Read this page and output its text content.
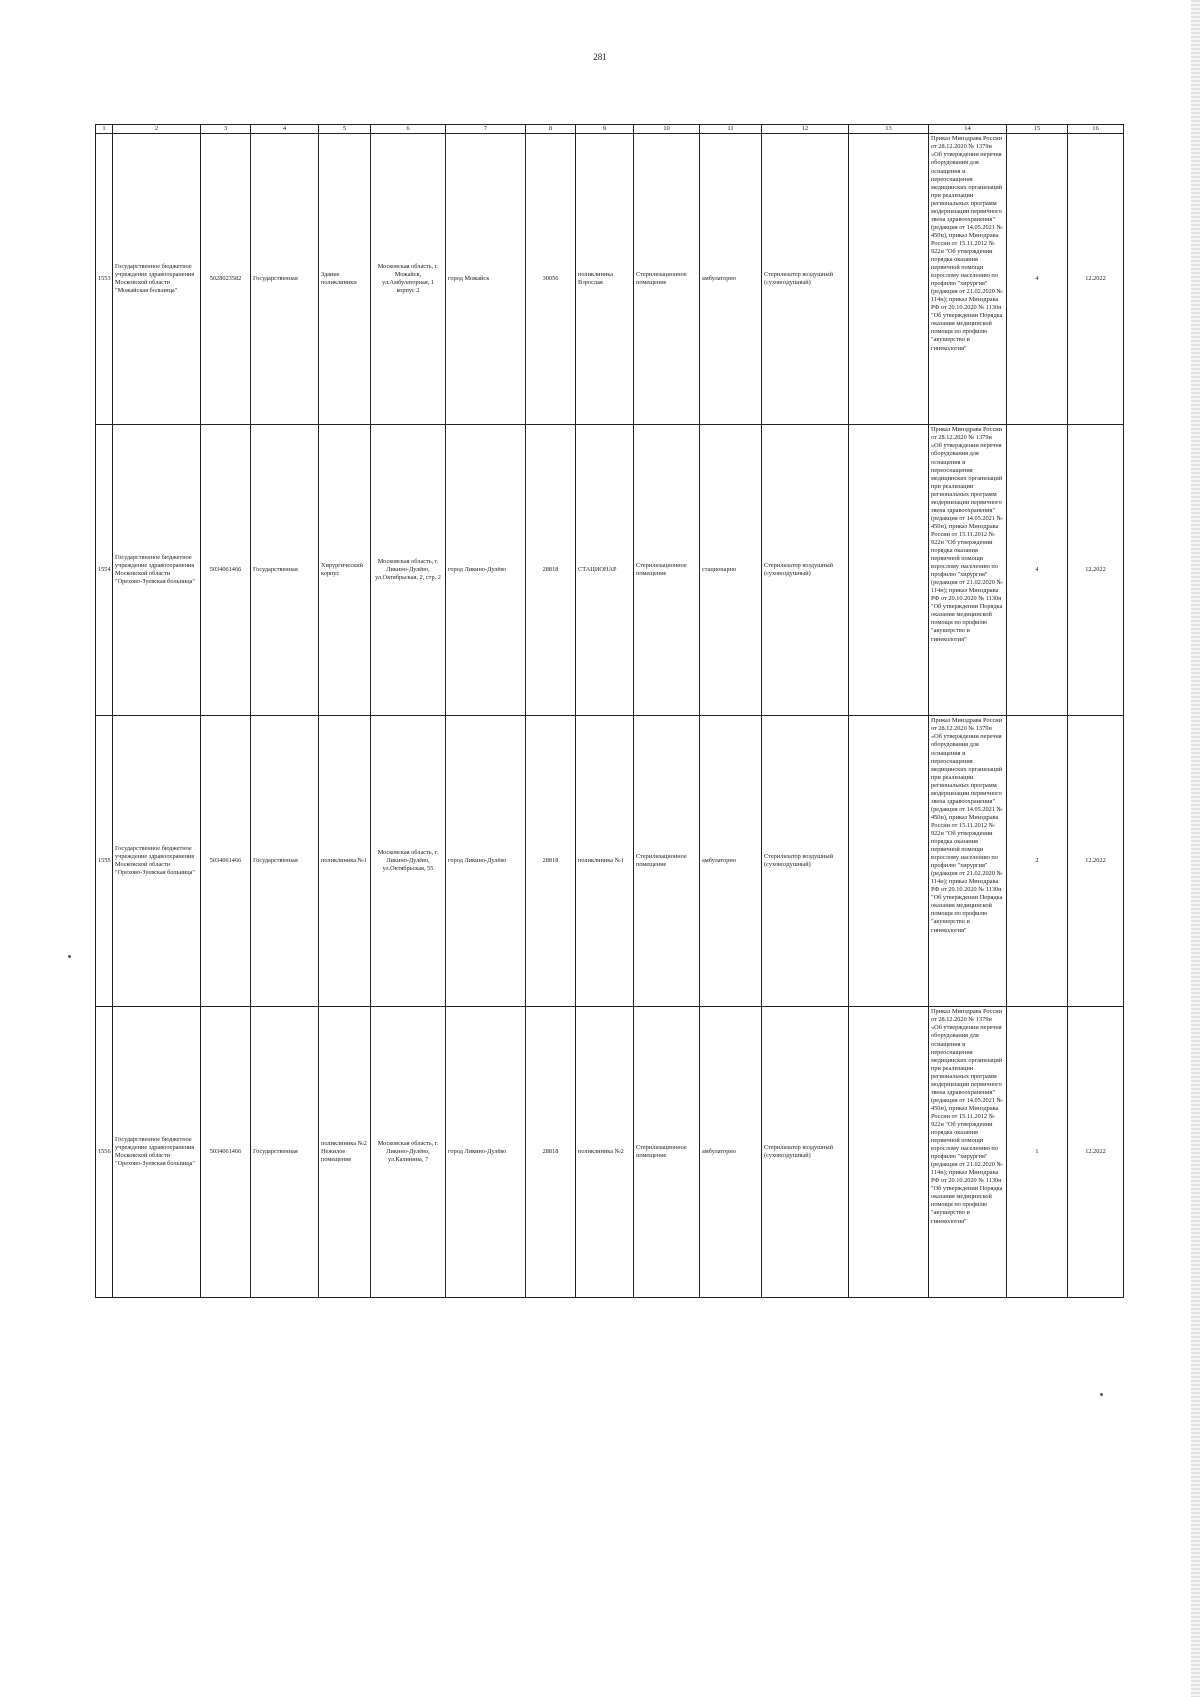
281
1	2	3	4	5	6	7	8	9	10	11	12	13	14	15	16
1553	Государственное бюджетное учреждение здравоохранения Московской области "Можайская больница"	5028023582	Государственная	Здание поликлиники	Московская область, г. Можайск, ул.Амбулаторная, 1 корпус 2	город Можайск	30056	поликлиника Взрослая	Стерилизационное помещение	амбулаторно	Стерилизатор воздушный (суховоздушный)		Приказ Минздрава России от 28.12.2020 № 1379н «Об утверждении перечня оборудования для оснащения и переоснащения медицинских организаций при реализации региональных программ модернизации первичного звена здравоохранения"(редакция от 14.05.2021 № 450н), приказ Минздрава России от 15.11.2012 № 922н "Об утверждении порядка оказания первичной помощи взрослому населению по профилю "хирургия" (редакция от 21.02.2020 № 114н); приказ Минздрава РФ от 20.10.2020 № 1130н "Об утверждении Порядка оказания медицинской помощи по профилю "акушерство и гинекология"	4	12.2022
1554	Государственное бюджетное учреждение здравоохранения Московской области "Орехово-Зуевская больница"	5034061466	Государственная	Хирургический корпус	Московская область, г. Ликино-Дулёво, ул.Октябрьская, 2, стр. 2	город Ликино-Дулёво	28818	СТАЦИОНАР	Стерилизационное помещение	стационарно	Стерилизатор воздушный (суховоздушный)		Приказ Минздрава России от 28.12.2020 № 1379н «Об утверждении перечня оборудования для оснащения и переоснащения медицинских организаций при реализации региональных программ модернизации первичного звена здравоохранения"(редакция от 14.05.2021 № 450н), приказ Минздрава России от 15.11.2012 № 922н "Об утверждении порядка оказания первичной помощи взрослому населению по профилю "хирургия" (редакция от 21.02.2020 № 114н); приказ Минздрава РФ от 20.10.2020 № 1130н "Об утверждении Порядка оказания медицинской помощи по профилю "акушерство и гинекология"	4	12.2022
1555	Государственное бюджетное учреждение здравоохранения Московской области "Орехово-Зуевская больница"	5034061466	Государственная	поликлиника №1	Московская область, г. Ликино-Дулёво, ул.Октябрьская, 55	город Ликино-Дулёво	28818	поликлиника №1	Стерилизационное помещение	амбулаторно	Стерилизатор воздушный (суховоздушный)		Приказ Минздрава России от 28.12.2020 № 1379н «Об утверждении перечня оборудования для оснащения и переоснащения медицинских организаций при реализации региональных программ модернизации первичного звена здравоохранения"(редакция от 14.05.2021 № 450н), приказ Минздрава России от 15.11.2012 № 922н "Об утверждении порядка оказания первичной помощи взрослому населению по профилю "хирургия" (редакция от 21.02.2020 № 114н); приказ Минздрава РФ от 20.10.2020 № 1130н "Об утверждении Порядка оказания медицинской помощи по профилю "акушерство и гинекология"	2	12.2022
1556	Государственное бюджетное учреждение здравоохранения Московской области "Орехово-Зуевская больница"	5034061466	Государственная	поликлиника №2 Нежилое помещение	Московская область, г. Ликино-Дулёво, ул.Калинина, 7	город Ликино-Дулёво	28818	поликлиника №2	Стерилизационное помещение	амбулаторно	Стерилизатор воздушный (суховоздушный)		Приказ Минздрава России от 28.12.2020 № 1379н «Об утверждении перечня оборудования для оснащения и переоснащения медицинских организаций при реализации региональных программ модернизации первичного звена здравоохранения"(редакция от 14.05.2021 № 450н), приказ Минздрава России от 15.11.2012 № 922н "Об утверждении порядка оказания первичной помощи взрослому населению по профилю "хирургия" (редакция от 21.02.2020 № 114н); приказ Минздрава РФ от 20.10.2020 № 1130н "Об утверждении Порядка оказания медицинской помощи по профилю "акушерство и гинекология"	1	12.2022
